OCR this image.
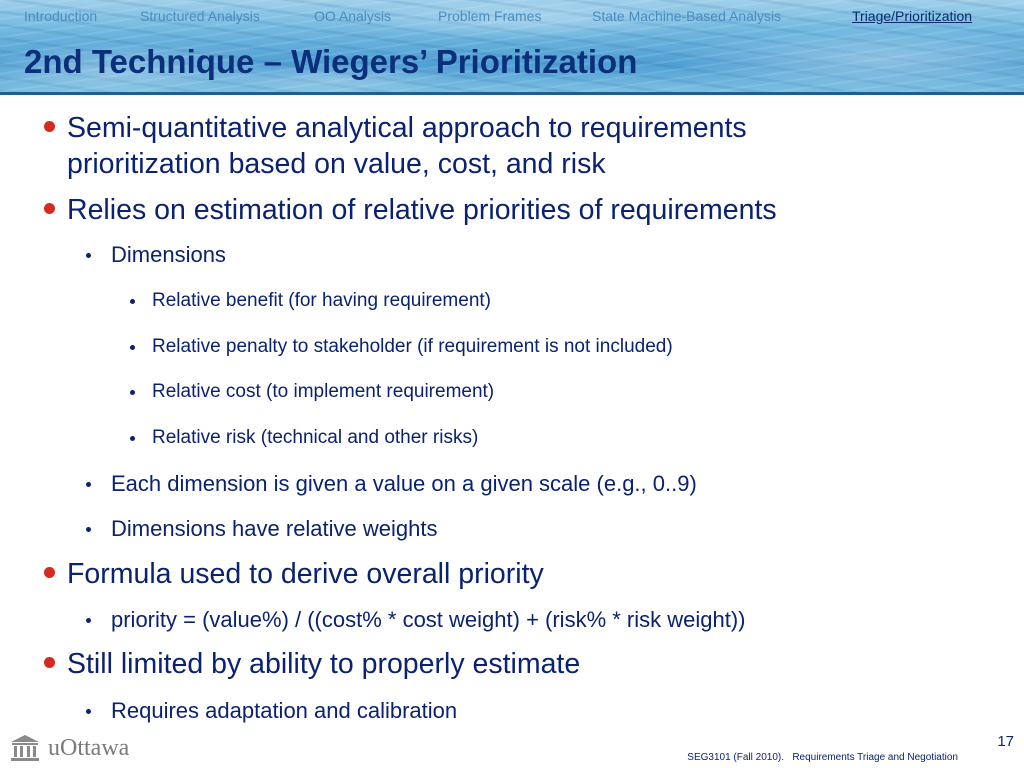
Introduction	Structured Analysis	OO Analysis	Problem Frames	State Machine-Based Analysis	Triage/Prioritization
2nd Technique – Wiegers’ Prioritization
Semi-quantitative analytical approach to requirements
prioritization based on value, cost, and risk
Relies on estimation of relative priorities of requirements
Dimensions
Relative benefit (for having requirement)
Relative penalty to stakeholder (if requirement is not included)
Relative cost (to implement requirement)
Relative risk (technical and other risks)
Each dimension is given a value on a given scale (e.g., 0..9)
Dimensions have relative weights
Formula used to derive overall priority
priority = (value%) / ((cost% * cost weight) + (risk% * risk weight))
Still limited by ability to properly estimate
Requires adaptation and calibration
uOttawa	17
SEG3101 (Fall 2010).   Requirements Triage and Negotiation
